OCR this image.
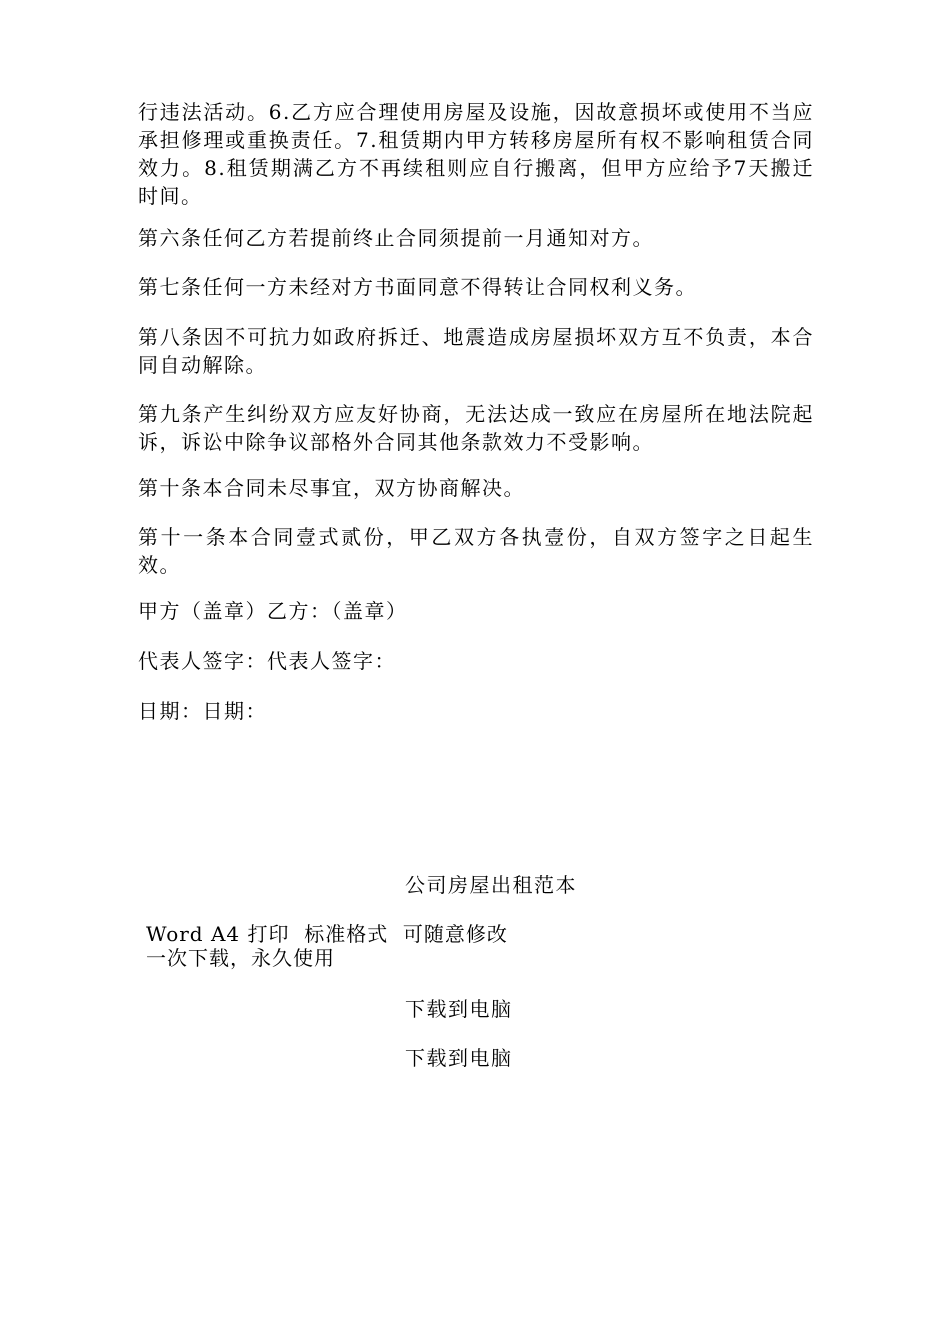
行违法活动。6.乙方应合理使用房屋及设施，因故意损坏或使用不当应承担修理或重换责任。7.租赁期内甲方转移房屋所有权不影响租赁合同效力。8.租赁期满乙方不再续租则应自行搬离，但甲方应给予7天搬迁时间。

第六条任何乙方若提前终止合同须提前一月通知对方。

第七条任何一方未经对方书面同意不得转让合同权利义务。

第八条因不可抗力如政府拆迁、地震造成房屋损坏双方互不负责，本合同自动解除。

第九条产生纠纷双方应友好协商，无法达成一致应在房屋所在地法院起诉，诉讼中除争议部格外合同其他条款效力不受影响。

第十条本合同未尽事宜，双方协商解决。

第十一条本合同壹式贰份，甲乙双方各执壹份，自双方签字之日起生效。

甲方（盖章）乙方：（盖章）

代表人签字：代表人签字：

日期：日期：

公司房屋出租范本

Word A4 打印  标准格式  可随意修改

一次下载，永久使用

下载到电脑

下载到电脑
